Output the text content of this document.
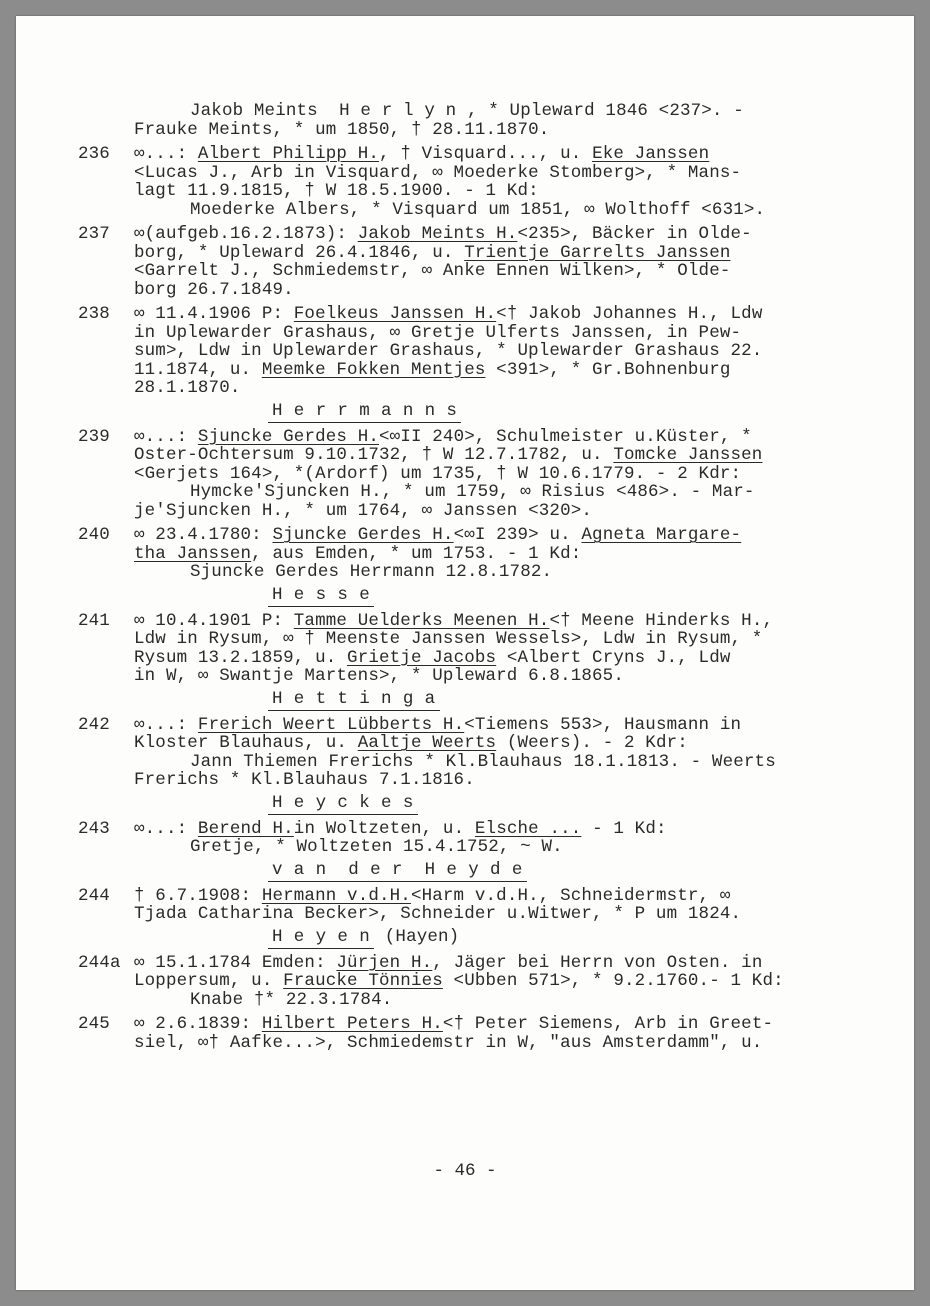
Jakob Meints  H e r l y n , * Upleward 1846 <237>. -
Frauke Meints, * um 1850, † 28.11.1870.
236 ∞...: Albert Philipp H., † Visquard..., u. Eke Janssen
<Lucas J., Arb in Visquard, ∞ Moederke Stomberg>, * Mans-
lagt 11.9.1815, † W 18.5.1900. - 1 Kd:
Moederke Albers, * Visquard um 1851, ∞ Wolthoff <631>.
237 ∞(aufgeb.16.2.1873): Jakob Meints H.<235>, Bäcker in Olde-
borg, * Upleward 26.4.1846, u. Trientje Garrelts Janssen
<Garrelt J., Schmiedemstr, ∞ Anke Ennen Wilken>, * Olde-
borg 26.7.1849.
238 ∞ 11.4.1906 P: Foelkeus Janssen H.<† Jakob Johannes H., Ldw
in Uplewarder Grashaus, ∞ Gretje Ulferts Janssen, in Pew-
sum>, Ldw in Uplewarder Grashaus, * Uplewarder Grashaus 22.
11.1874, u. Meemke Fokken Mentjes <391>, * Gr.Bohnenburg
28.1.1870.
H e r r m a n n s
239 ∞...: Sjuncke Gerdes H.<∞II 240>, Schulmeister u.Küster, *
Oster-Ochtersum 9.10.1732, † W 12.7.1782, u. Tomcke Janssen
<Gerjets 164>, *(Ardorf) um 1735, † W 10.6.1779. - 2 Kdr:
Hymcke'Sjuncken H., * um 1759, ∞ Risius <486>. - Mar-
je'Sjuncken H., * um 1764, ∞ Janssen <320>.
240 ∞ 23.4.1780: Sjuncke Gerdes H.<∞I 239> u. Agneta Margare-
tha Janssen, aus Emden, * um 1753. - 1 Kd:
Sjuncke Gerdes Herrmann 12.8.1782.
H e s s e
241 ∞ 10.4.1901 P: Tamme Uelderks Meenen H.<† Meene Hinderks H.,
Ldw in Rysum, ∞ † Meenste Janssen Wessels>, Ldw in Rysum, *
Rysum 13.2.1859, u. Grietje Jacobs <Albert Cryns J., Ldw
in W, ∞ Swantje Martens>, * Upleward 6.8.1865.
H e t t i n g a
242 ∞...: Frerich Weert Lübberts H.<Tiemens 553>, Hausmann in
Kloster Blauhaus, u. Aaltje Weerts (Weers). - 2 Kdr:
Jann Thiemen Frerichs * Kl.Blauhaus 18.1.1813. - Weerts
Frerichs * Kl.Blauhaus 7.1.1816.
H e y c k e s
243 ∞...: Berend H.in Woltzeten, u. Elsche ... - 1 Kd:
Gretje, * Woltzeten 15.4.1752, ~ W.
v a n  d e r  H e y d e
244 † 6.7.1908: Hermann v.d.H.<Harm v.d.H., Schneidermstr, ∞
Tjada Catharina Becker>, Schneider u.Witwer, * P um 1824.
H e y e n (Hayen)
244a ∞ 15.1.1784 Emden: Jürjen H., Jäger bei Herrn von Osten. in
Loppersum, u. Fraucke Tönnies <Ubben 571>, * 9.2.1760.- 1 Kd:
Knabe †* 22.3.1784.
245 ∞ 2.6.1839: Hilbert Peters H.<† Peter Siemens, Arb in Greet-
siel, ∞† Aafke...>, Schmiedemstr in W, "aus Amsterdamm", u.
- 46 -
